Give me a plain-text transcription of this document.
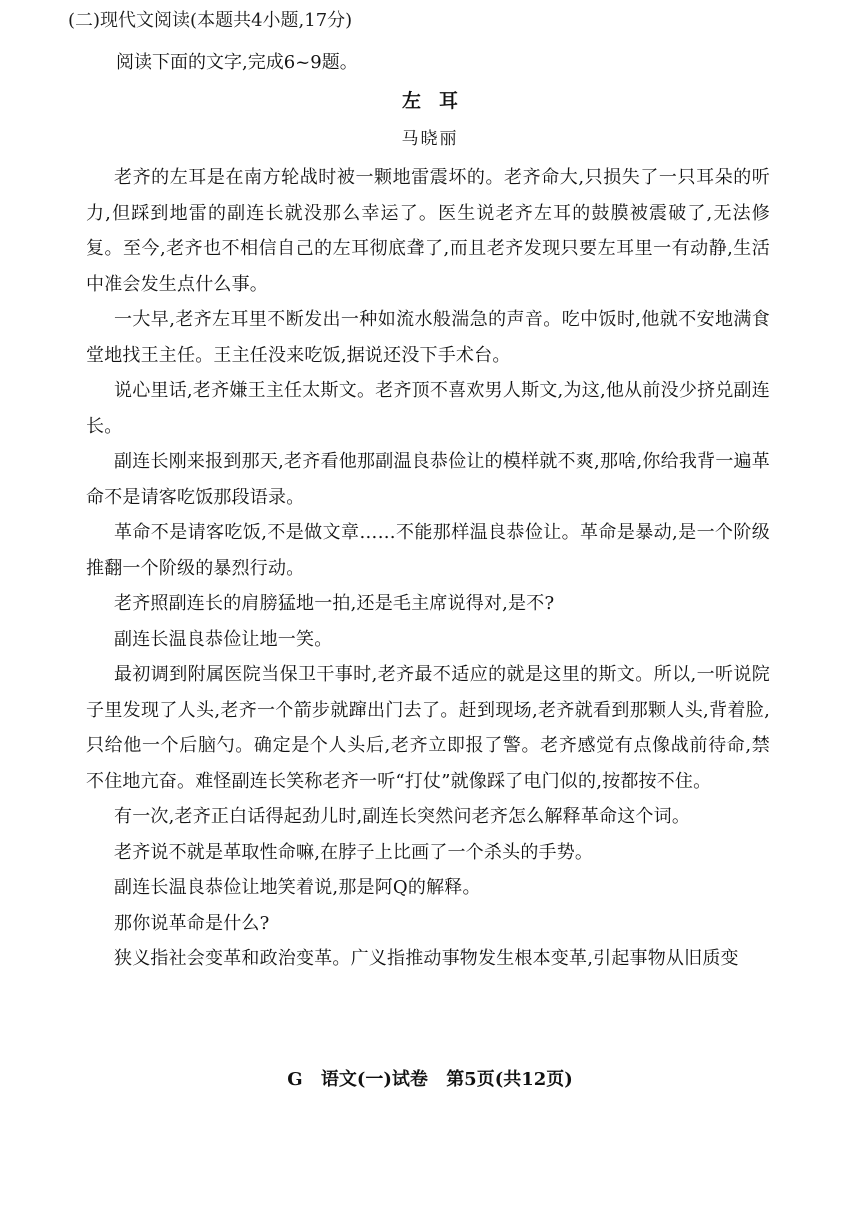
(二)现代文阅读(本题共4小题,17分)
阅读下面的文字,完成6~9题。
左耳
马晓丽

老齐的左耳是在南方轮战时被一颗地雷震坏的。老齐命大,只损失了一只耳朵的听力,但踩到地雷的副连长就没那么幸运了。医生说老齐左耳的鼓膜被震破了,无法修复。至今,老齐也不相信自己的左耳彻底聋了,而且老齐发现只要左耳里一有动静,生活中准会发生点什么事。

一大早,老齐左耳里不断发出一种如流水般湍急的声音。吃中饭时,他就不安地满食堂地找王主任。王主任没来吃饭,据说还没下手术台。

说心里话,老齐嫌王主任太斯文。老齐顶不喜欢男人斯文,为这,他从前没少挤兑副连长。

副连长刚来报到那天,老齐看他那副温良恭俭让的模样就不爽,那啥,你给我背一遍革命不是请客吃饭那段语录。

革命不是请客吃饭,不是做文章……不能那样温良恭俭让。革命是暴动,是一个阶级推翻一个阶级的暴烈行动。

老齐照副连长的肩膀猛地一拍,还是毛主席说得对,是不?

副连长温良恭俭让地一笑。

最初调到附属医院当保卫干事时,老齐最不适应的就是这里的斯文。所以,一听说院子里发现了人头,老齐一个箭步就蹿出门去了。赶到现场,老齐就看到那颗人头,背着脸,只给他一个后脑勺。确定是个人头后,老齐立即报了警。老齐感觉有点像战前待命,禁不住地亢奋。难怪副连长笑称老齐一听“打仗”就像踩了电门似的,按都按不住。

有一次,老齐正白话得起劲儿时,副连长突然问老齐怎么解释革命这个词。

老齐说不就是革取性命嘛,在脖子上比画了一个杀头的手势。

副连长温良恭俭让地笑着说,那是阿Q的解释。

那你说革命是什么?

狭义指社会变革和政治变革。广义指推动事物发生根本变革,引起事物从旧质变

G 语文(一)试卷 第5页(共12页)
